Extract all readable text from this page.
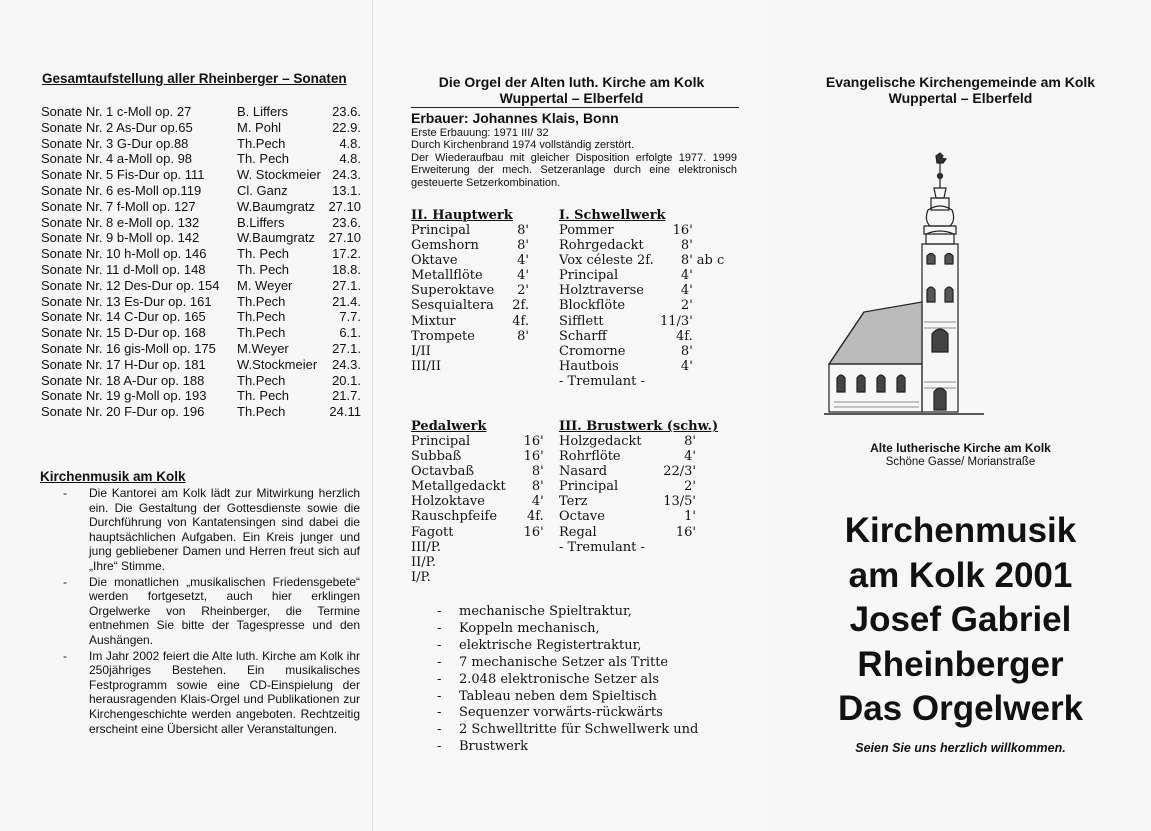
Gesamtaufstellung aller Rheinberger – Sonaten
Sonate Nr. 1 c-Moll op. 27	B. Liffers	23.6.
Sonate Nr. 2 As-Dur op.65	M. Pohl	22.9.
Sonate Nr. 3 G-Dur op.88	Th.Pech	4.8.
Sonate Nr. 4 a-Moll op. 98	Th. Pech	4.8.
Sonate Nr. 5 Fis-Dur op. 111	W. Stockmeier	24.3.
Sonate Nr. 6 es-Moll op.119	Cl. Ganz	13.1.
Sonate Nr. 7 f-Moll op. 127	W.Baumgratz	27.10
Sonate Nr. 8 e-Moll op. 132	B.Liffers	23.6.
Sonate Nr. 9 b-Moll op. 142	W.Baumgratz	27.10
Sonate Nr. 10 h-Moll op. 146	Th. Pech	17.2.
Sonate Nr. 11 d-Moll op. 148	Th. Pech	18.8.
Sonate Nr. 12 Des-Dur op. 154	M. Weyer	27.1.
Sonate Nr. 13 Es-Dur op. 161	Th.Pech	21.4.
Sonate Nr. 14 C-Dur op. 165	Th.Pech	7.7.
Sonate Nr. 15 D-Dur op. 168	Th.Pech	6.1.
Sonate Nr. 16 gis-Moll op. 175	M.Weyer	27.1.
Sonate Nr. 17 H-Dur op. 181	W.Stockmeier	24.3.
Sonate Nr. 18 A-Dur op. 188	Th.Pech	20.1.
Sonate Nr. 19 g-Moll op. 193	Th. Pech	21.7.
Sonate Nr. 20 F-Dur op. 196	Th.Pech	24.11
Kirchenmusik am Kolk
- Die Kantorei am Kolk lädt zur Mitwirkung herzlich ein. Die Gestaltung der Gottesdienste sowie die Durchführung von Kantatensingen sind dabei die hauptsächlichen Aufgaben. Ein Kreis junger und jung gebliebener Damen und Herren freut sich auf „Ihre“ Stimme.
- Die monatlichen „musikalischen Friedensgebete“ werden fortgesetzt, auch hier erklingen Orgelwerke von Rheinberger, die Termine entnehmen Sie bitte der Tagespresse und den Aushängen.
- Im Jahr 2002 feiert die Alte luth. Kirche am Kolk ihr 250jähriges Bestehen. Ein musikalisches Festprogramm sowie eine CD-Einspielung der herausragenden Klais-Orgel und Publikationen zur Kirchengeschichte werden angeboten. Rechtzeitig erscheint eine Übersicht aller Veranstaltungen.
Die Orgel der Alten luth. Kirche am Kolk
Wuppertal – Elberfeld
Erbauer: Johannes Klais, Bonn
Erste Erbauung: 1971 III/ 32
Durch Kirchenbrand 1974 vollständig zerstört.
Der Wiederaufbau mit gleicher Disposition erfolgte 1977. 1999 Erweiterung der mech. Setzeranlage durch eine elektronisch gesteuerte Setzerkombination.
II. Hauptwerk
Principal	8'
Gemshorn	8'
Oktave	4'
Metallflöte	4'
Superoktave	2'
Sesquialtera	2f.
Mixtur	4f.
Trompete	8'
I/II	
III/II	
I. Schwellwerk
Pommer	16'	
Rohrgedackt	8'	
Vox céleste 2f.	8'	ab c
Principal	4'	
Holztraverse	4'	
Blockflöte	2'	
Sifflett	11/3'	
Scharff	4f.	
Cromorne	8'	
Hautbois	4'	
- Tremulant -		
Pedalwerk
Principal	16'
Subbaß	16'
Octavbaß	8'
Metallgedackt	8'
Holzoktave	4'
Rauschpfeife	4f.
Fagott	16'
III/P.	
II/P.	
I/P.	
III. Brustwerk (schw.)
Holzgedackt	8'
Rohrflöte	4'
Nasard	22/3'
Principal	2'
Terz	13/5'
Octave	1'
Regal	16'
- Tremulant -	
- mechanische Spieltraktur,
- Koppeln mechanisch,
- elektrische Registertraktur,
- 7 mechanische Setzer als Tritte
- 2.048 elektronische Setzer als
- Tableau neben dem Spieltisch
- Sequenzer vorwärts-rückwärts
- 2 Schwelltritte für Schwellwerk und
- Brustwerk
Evangelische Kirchengemeinde am Kolk
Wuppertal – Elberfeld
Alte lutherische Kirche am Kolk
Schöne Gasse/ Morianstraße
Kirchenmusik
am Kolk 2001
Josef Gabriel
Rheinberger
Das Orgelwerk
Seien Sie uns herzlich willkommen.
